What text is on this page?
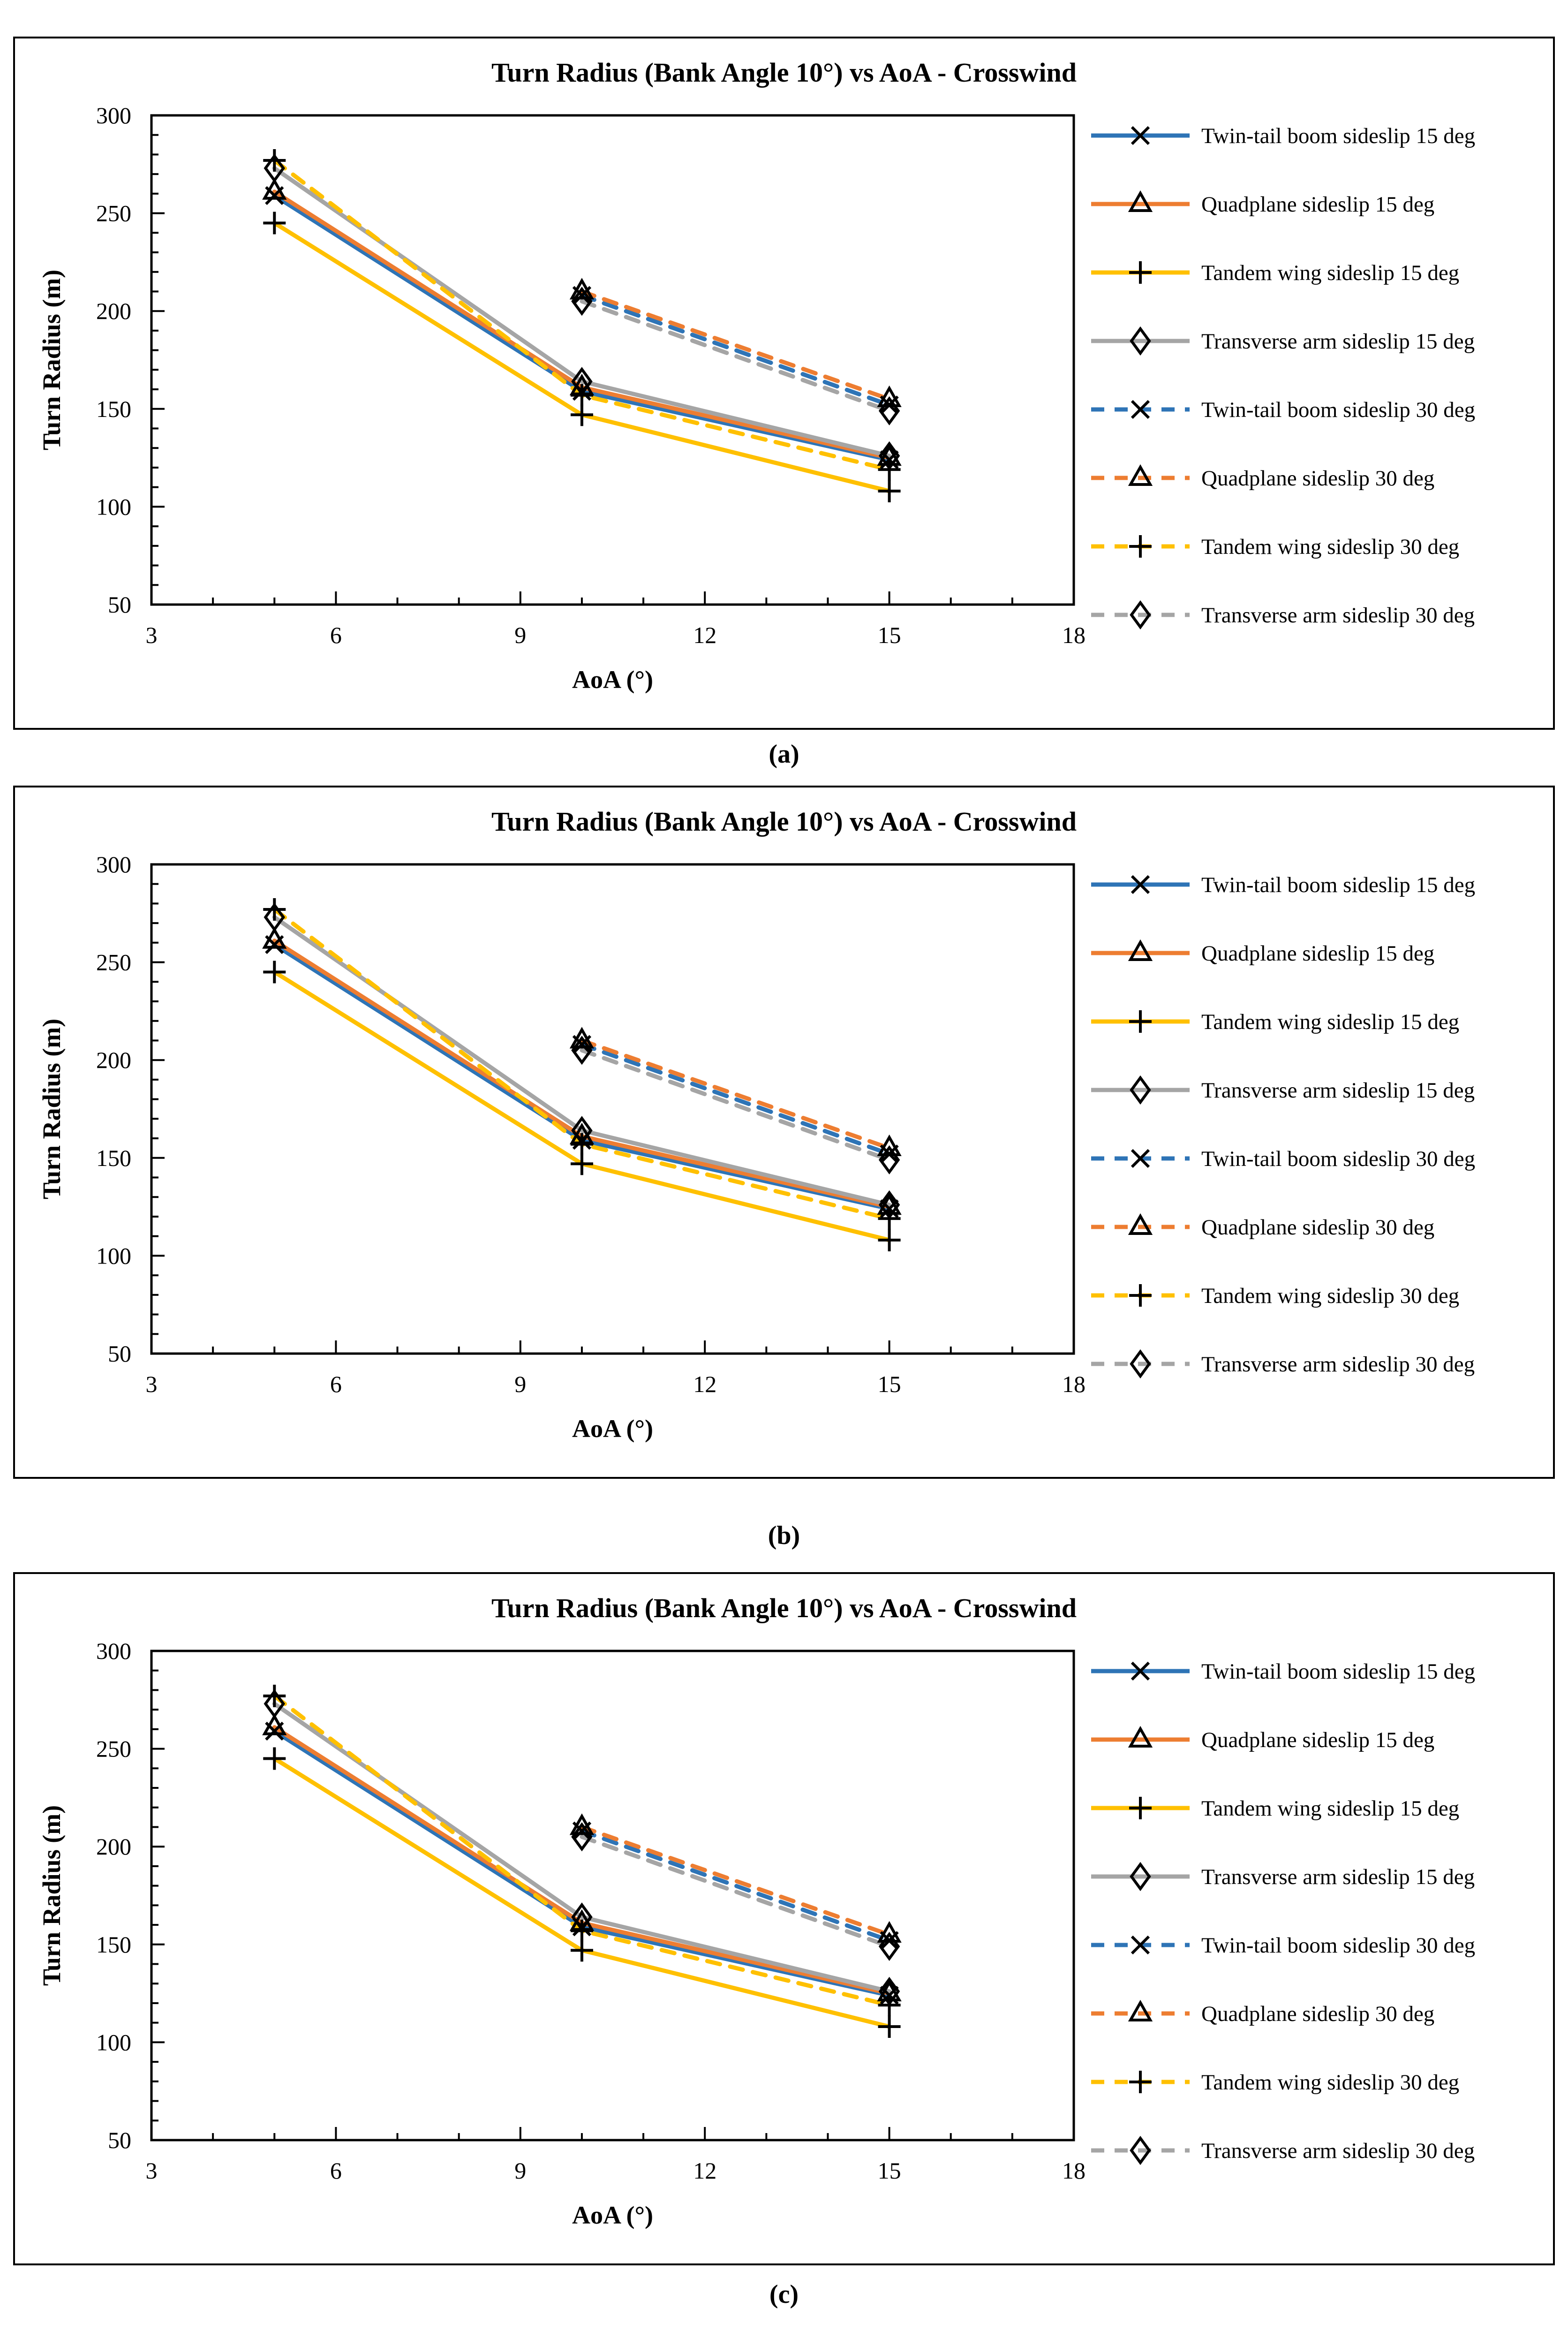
Turn Radius (Bank Angle 10°) vs AoA - Crosswind
50
100
150
200
250
300
3	6	9	12	15	18
AoA (°)
Turn Radius (m)
Twin-tail boom sideslip 15 deg
Quadplane sideslip 15 deg
Tandem wing sideslip 15 deg
Transverse arm sideslip 15 deg
Twin-tail boom sideslip 30 deg
Quadplane sideslip 30 deg
Tandem wing sideslip 30 deg
Transverse arm sideslip 30 deg
(a)
Turn Radius (Bank Angle 10°) vs AoA - Crosswind
50
100
150
200
250
300
3	6	9	12	15	18
AoA (°)
Turn Radius (m)
Twin-tail boom sideslip 15 deg
Quadplane sideslip 15 deg
Tandem wing sideslip 15 deg
Transverse arm sideslip 15 deg
Twin-tail boom sideslip 30 deg
Quadplane sideslip 30 deg
Tandem wing sideslip 30 deg
Transverse arm sideslip 30 deg
(b)
Turn Radius (Bank Angle 10°) vs AoA - Crosswind
50
100
150
200
250
300
3	6	9	12	15	18
AoA (°)
Turn Radius (m)
Twin-tail boom sideslip 15 deg
Quadplane sideslip 15 deg
Tandem wing sideslip 15 deg
Transverse arm sideslip 15 deg
Twin-tail boom sideslip 30 deg
Quadplane sideslip 30 deg
Tandem wing sideslip 30 deg
Transverse arm sideslip 30 deg
(c)
